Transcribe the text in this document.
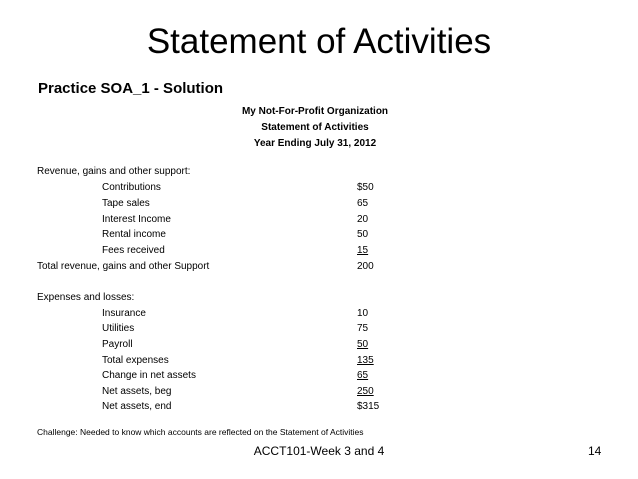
Statement of Activities
Practice SOA_1 - Solution
My Not-For-Profit Organization
Statement of Activities
Year Ending July 31, 2012
Revenue, gains and other support:
Contributions	$50
Tape sales	65
Interest Income	20
Rental income	50
Fees received	15
Total revenue, gains and other Support	200
Expenses and losses:
Insurance	10
Utilities	75
Payroll	50
Total expenses	135
Change in net assets	65
Net assets, beg	250
Net assets, end	$315
Challenge: Needed to know which accounts are reflected on the Statement of Activities
ACCT101-Week 3 and 4	14
